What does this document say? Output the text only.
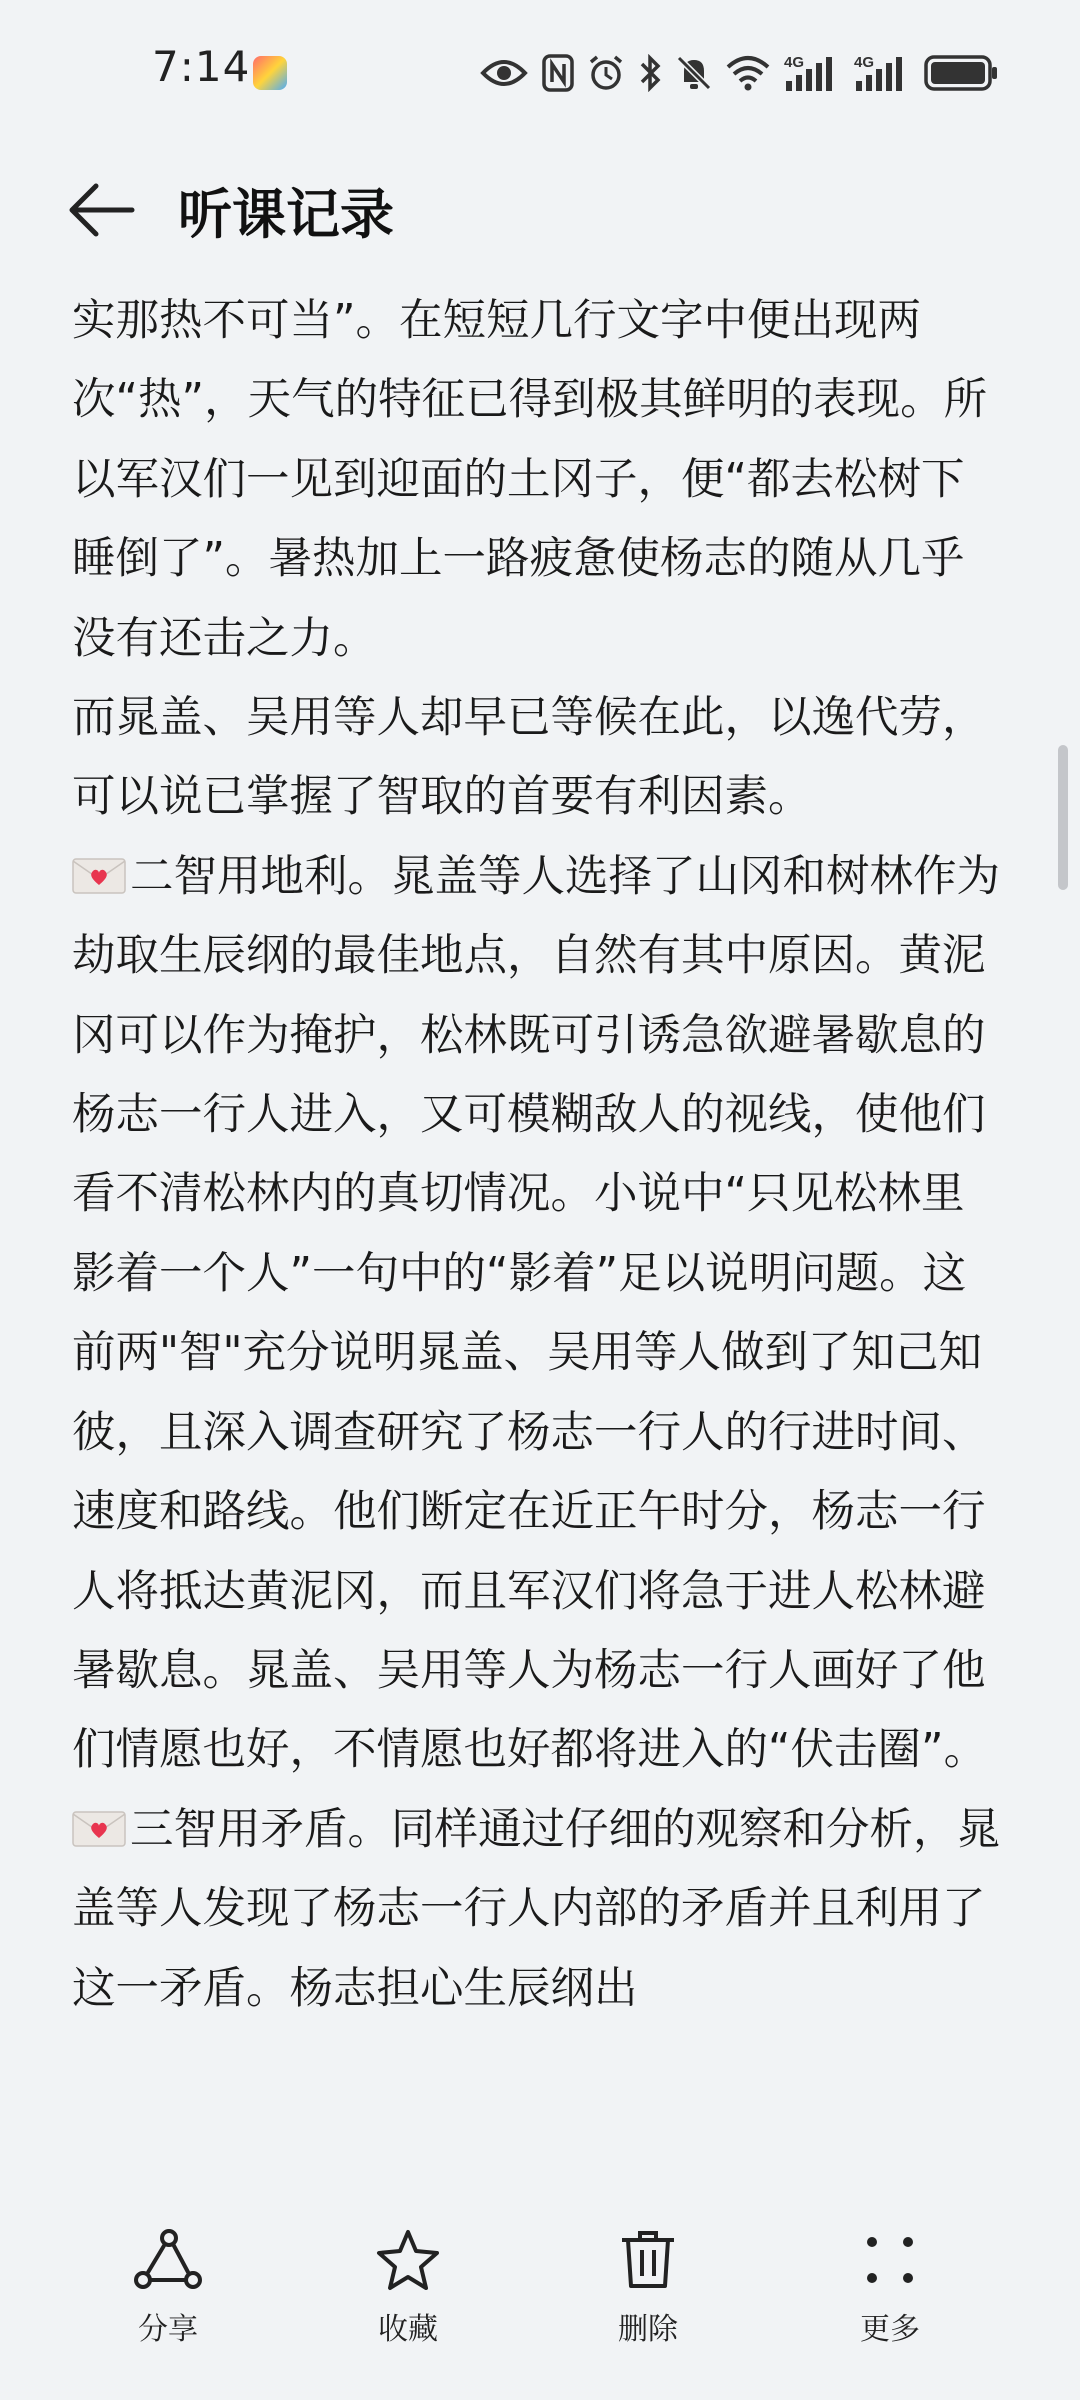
7:14	4G	4G
听课记录

实那热不可当”。在短短几行文字中便出现两次“热”，天气的特征已得到极其鲜明的表现。所以军汉们一见到迎面的土冈子，便“都去松树下睡倒了”。暑热加上一路疲惫使杨志的随从几乎没有还击之力。

而晁盖、吴用等人却早已等候在此，以逸代劳，可以说已掌握了智取的首要有利因素。

二智用地利。晁盖等人选择了山冈和树林作为劫取生辰纲的最佳地点，自然有其中原因。黄泥冈可以作为掩护，松林既可引诱急欲避暑歇息的杨志一行人进入，又可模糊敌人的视线，使他们看不清松林内的真切情况。小说中“只见松林里影着一个人”一句中的“影着”足以说明问题。这前两"智"充分说明晁盖、吴用等人做到了知己知彼，且深入调查研究了杨志一行人的行进时间、速度和路线。他们断定在近正午时分，杨志一行人将抵达黄泥冈，而且军汉们将急于进人松林避暑歇息。晁盖、吴用等人为杨志一行人画好了他们情愿也好，不情愿也好都将进入的“伏击圈”。

三智用矛盾。同样通过仔细的观察和分析，晁盖等人发现了杨志一行人内部的矛盾并且利用了这一矛盾。杨志担心生辰纲出

分享	收藏	删除	更多
